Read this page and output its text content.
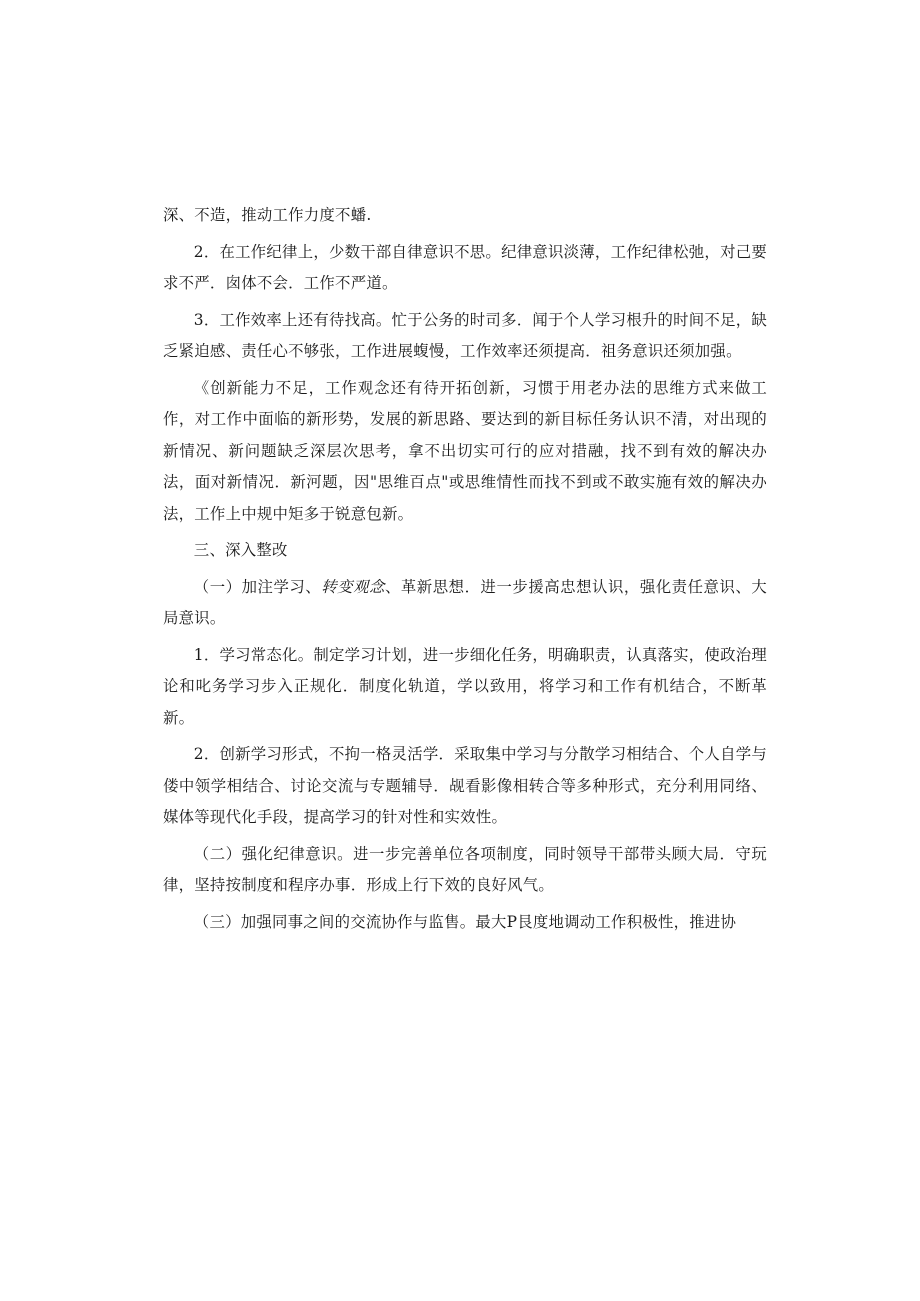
深、不造，推动工作力度不蟠.

2．在工作纪律上，少数干部自律意识不思。纪律意识淡薄，工作纪律松弛，对己要求不严．囱体不会．工作不严道。

3．工作效率上还有待找高。忙于公务的时司多．闻于个人学习根升的时间不足，缺乏紧迫感、责任心不够张，工作进展蝮慢，工作效率还须提高．祖务意识还须加强。

《创新能力不足，工作观念还有待开拓创新，习惯于用老办法的思维方式来做工作，对工作中面临的新形势，发展的新思路、要达到的新目标任务认识不清，对出现的新情况、新问题缺乏深层次思考，拿不出切实可行的应对措融，找不到有效的解决办法，面对新情况．新河题，因"思维百点"或思维情性而找不到或不敢实施有效的解决办法，工作上中规中矩多于锐意包新。

三、深入整改

（一）加注学习、转变观念、革新思想．进一步援高忠想认识，强化责任意识、大局意识。

1．学习常态化。制定学习计划，进一步细化任务，明确职责，认真落实，使政治理论和叱务学习步入正规化．制度化轨道，学以致用，将学习和工作有机结合，不断革新。

2．创新学习形式，不拘一格灵活学．采取集中学习与分散学习相结合、个人自学与偻中领学相结合、讨论交流与专题辅导．觇看影像相转合等多种形式，充分利用同络、媒体等现代化手段，提高学习的针对性和实效性。

（二）强化纪律意识。进一步完善单位各项制度，同时领导干部带头顾大局．守玩律，坚持按制度和程序办事．形成上行下效的良好风气。

（三）加强同事之间的交流协作与监售。最大P艮度地调动工作积极性，推进协
